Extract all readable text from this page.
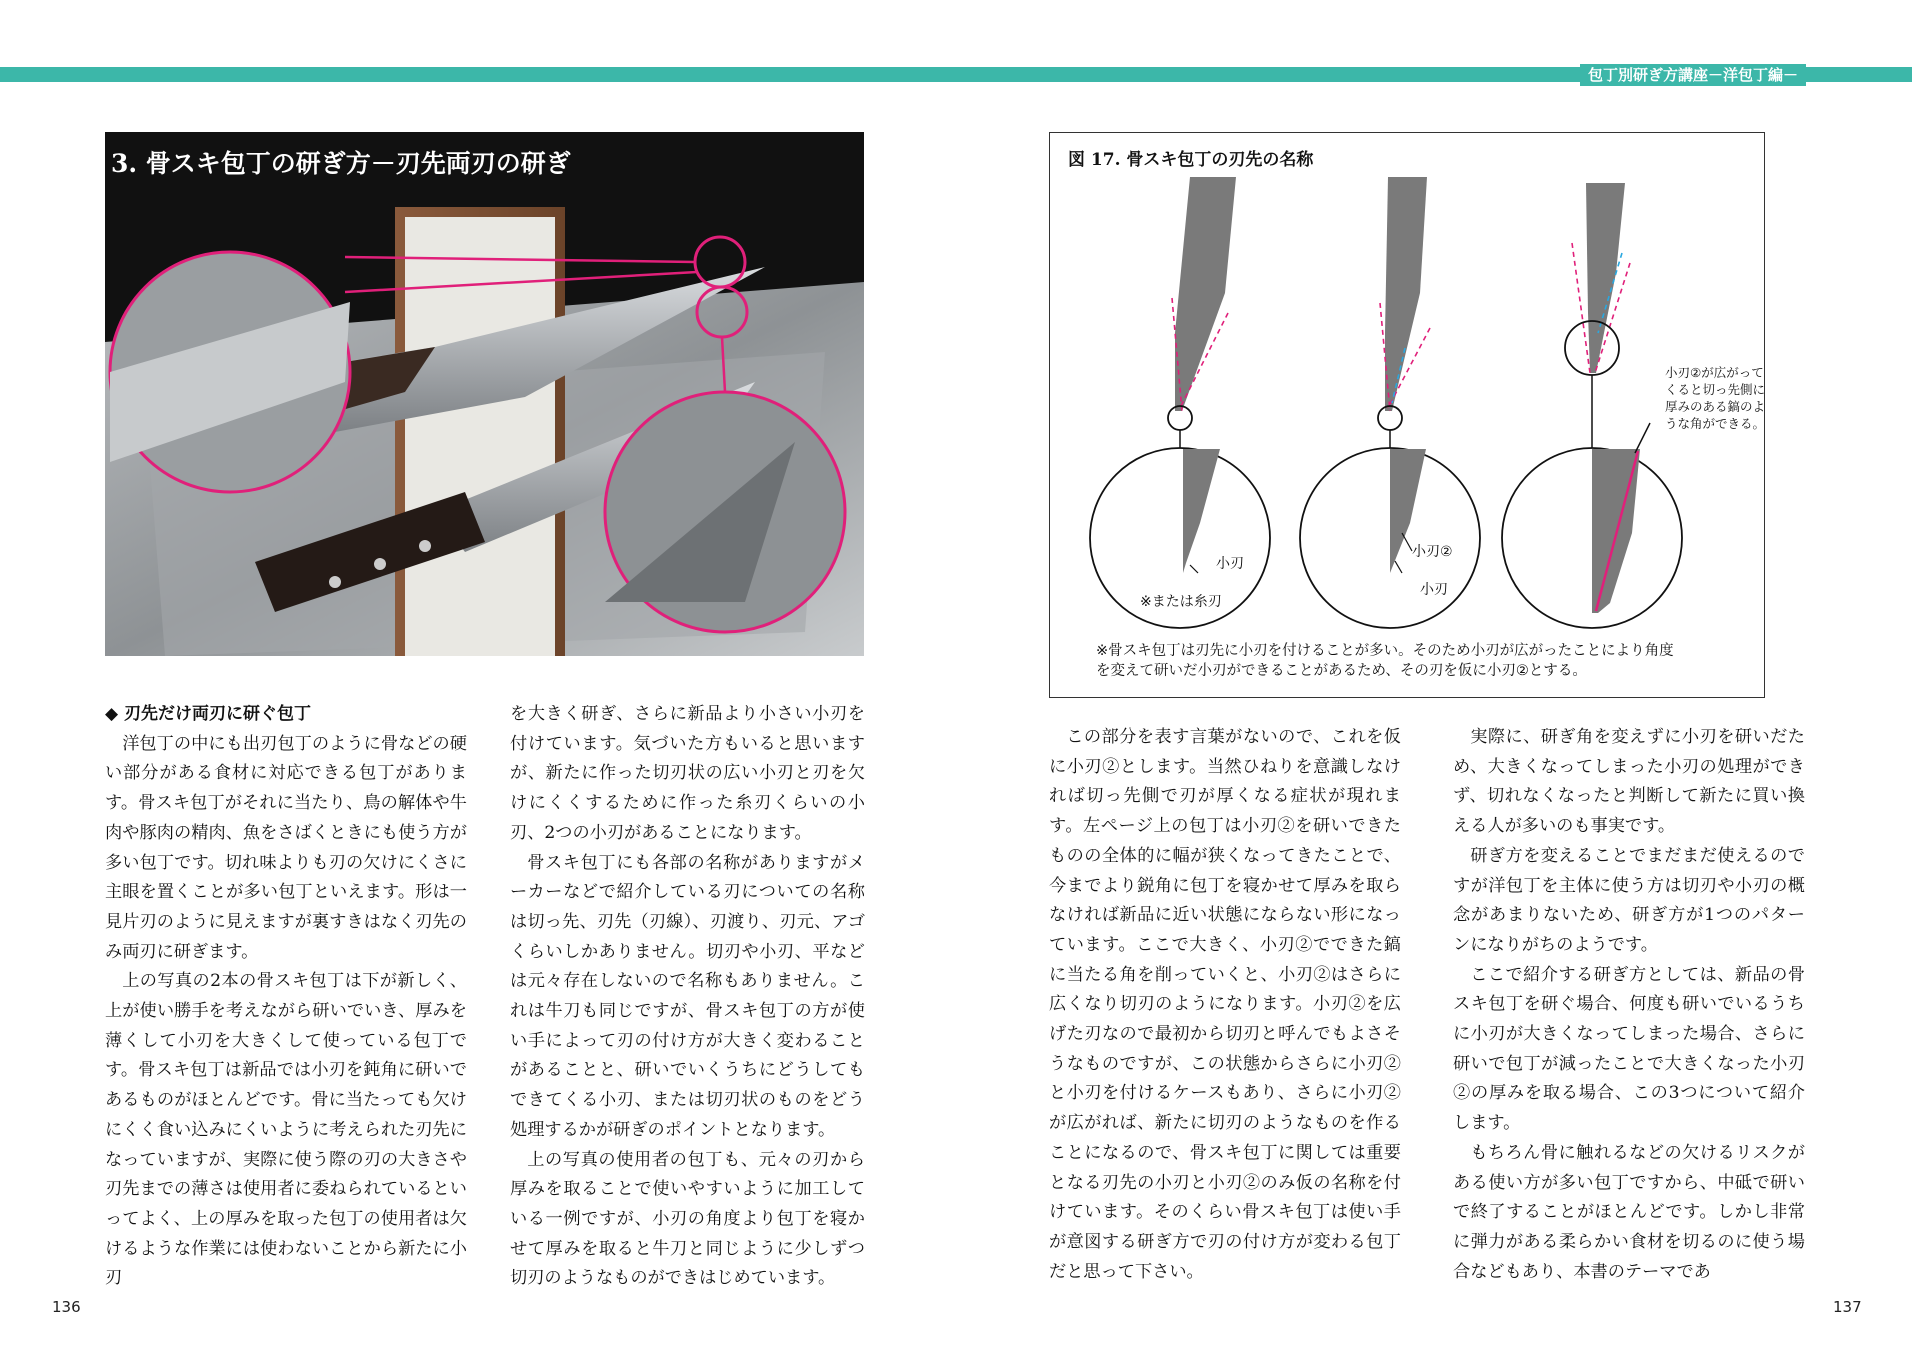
包丁別研ぎ方講座－洋包丁編－
3. 骨スキ包丁の研ぎ方－刃先両刃の研ぎ
◆ 刃先だけ両刃に研ぐ包丁

洋包丁の中にも出刃包丁のように骨などの硬い部分がある食材に対応できる包丁があります。骨スキ包丁がそれに当たり、鳥の解体や牛肉や豚肉の精肉、魚をさばくときにも使う方が多い包丁です。切れ味よりも刃の欠けにくさに主眼を置くことが多い包丁といえます。形は一見片刃のように見えますが裏すきはなく刃先のみ両刃に研ぎます。

上の写真の2本の骨スキ包丁は下が新しく、上が使い勝手を考えながら研いでいき、厚みを薄くして小刃を大きくして使っている包丁です。骨スキ包丁は新品では小刃を鈍角に研いであるものがほとんどです。骨に当たっても欠けにくく食い込みにくいように考えられた刃先になっていますが、実際に使う際の刃の大きさや刃先までの薄さは使用者に委ねられているといってよく、上の厚みを取った包丁の使用者は欠けるような作業には使わないことから新たに小刃

を大きく研ぎ、さらに新品より小さい小刃を付けています。気づいた方もいると思いますが、新たに作った切刃状の広い小刃と刃を欠けにくくするために作った糸刃くらいの小刃、2つの小刃があることになります。

骨スキ包丁にも各部の名称がありますがメーカーなどで紹介している刃についての名称は切っ先、刃先（刃線）、刃渡り、刃元、アゴくらいしかありません。切刃や小刃、平などは元々存在しないので名称もありません。これは牛刀も同じですが、骨スキ包丁の方が使い手によって刃の付け方が大きく変わることがあることと、研いでいくうちにどうしてもできてくる小刃、または切刃状のものをどう処理するかが研ぎのポイントとなります。

上の写真の使用者の包丁も、元々の刃から厚みを取ることで使いやすいように加工している一例ですが、小刃の角度より包丁を寝かせて厚みを取ると牛刀と同じように少しずつ切刃のようなものができはじめています。

136
図 17. 骨スキ包丁の刃先の名称
小刃
※または糸刃
小刃②
小刃
小刃②が広がってくると切っ先側に厚みのある鎬のような角ができる。
※骨スキ包丁は刃先に小刃を付けることが多い。そのため小刃が広がったことにより角度
を変えて研いだ小刃ができることがあるため、その刃を仮に小刃②とする。

この部分を表す言葉がないので、これを仮に小刃②とします。当然ひねりを意識しなければ切っ先側で刃が厚くなる症状が現れます。左ページ上の包丁は小刃②を研いできたものの全体的に幅が狭くなってきたことで、今までより鋭角に包丁を寝かせて厚みを取らなければ新品に近い状態にならない形になっています。ここで大きく、小刃②でできた鎬に当たる角を削っていくと、小刃②はさらに広くなり切刃のようになります。小刃②を広げた刃なので最初から切刃と呼んでもよさそうなものですが、この状態からさらに小刃②と小刃を付けるケースもあり、さらに小刃②が広がれば、新たに切刃のようなものを作ることになるので、骨スキ包丁に関しては重要となる刃先の小刃と小刃②のみ仮の名称を付けています。そのくらい骨スキ包丁は使い手が意図する研ぎ方で刃の付け方が変わる包丁だと思って下さい。

実際に、研ぎ角を変えずに小刃を研いだため、大きくなってしまった小刃の処理ができず、切れなくなったと判断して新たに買い換える人が多いのも事実です。

研ぎ方を変えることでまだまだ使えるのですが洋包丁を主体に使う方は切刃や小刃の概念があまりないため、研ぎ方が1つのパターンになりがちのようです。

ここで紹介する研ぎ方としては、新品の骨スキ包丁を研ぐ場合、何度も研いでいるうちに小刃が大きくなってしまった場合、さらに研いで包丁が減ったことで大きくなった小刃②の厚みを取る場合、この3つについて紹介します。

もちろん骨に触れるなどの欠けるリスクがある使い方が多い包丁ですから、中砥で研いで終了することがほとんどです。しかし非常に弾力がある柔らかい食材を切るのに使う場合などもあり、本書のテーマであ

137
